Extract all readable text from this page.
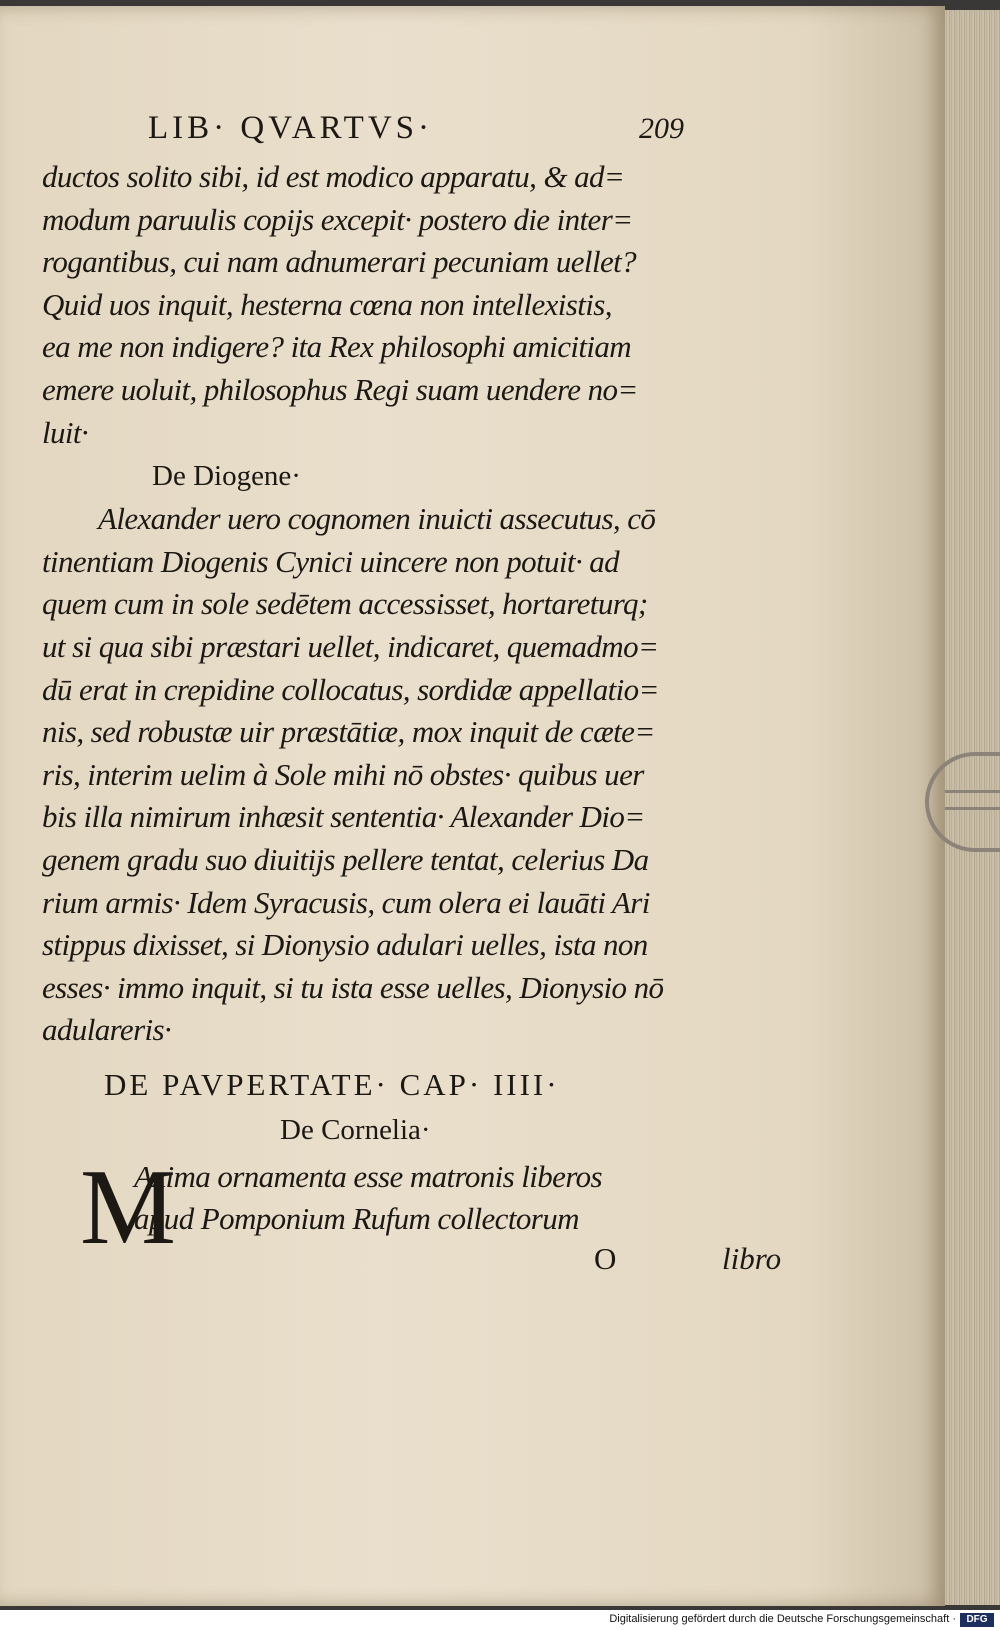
LIB· QVARTVS·	209
ductos solito sibi, id est modico apparatu, & ad=
modum paruulis copijs excepit· postero die inter=
rogantibus, cui nam adnumerari pecuniam uellet?
Quid uos inquit, hesterna cœna non intellexistis,
ea me non indigere? ita Rex philosophi amicitiam
emere uoluit, philosophus Regi suam uendere no=
luit·
De Diogene·
Alexander uero cognomen inuicti assecutus, cō
tinentiam Diogenis Cynici uincere non potuit· ad
quem cum in sole sedētem accessisset, hortareturq;
ut si qua sibi præstari uellet, indicaret, quemadmo=
dū erat in crepidine collocatus, sordidæ appellatio=
nis, sed robustæ uir præstātiæ, mox inquit de cæte=
ris, interim uelim à Sole mihi nō obstes· quibus uer
bis illa nimirum inhæsit sententia· Alexander Dio=
genem gradu suo diuitijs pellere tentat, celerius Da
rium armis· Idem Syracusis, cum olera ei lauāti Ari
stippus dixisset, si Dionysio adulari uelles, ista non
esses· immo inquit, si tu ista esse uelles, Dionysio nō
adulareris·
DE PAVPERTATE· CAP· IIII·
De Cornelia·
M
Axima ornamenta esse matronis liberos
apud Pomponium Rufum collectorum
O	libro
Digitalisierung gefördert durch die Deutsche Forschungsgemeinschaft ·	DFG
